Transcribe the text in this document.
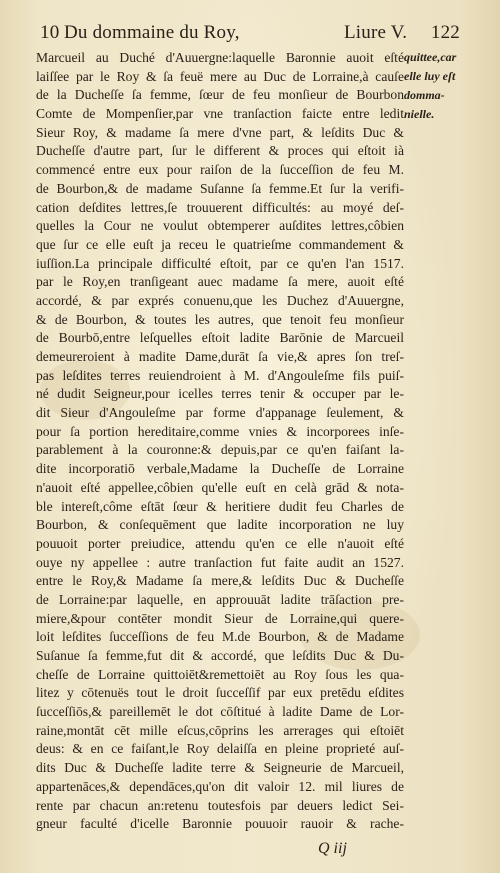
10 Du dommaine du Roy,	Liure V. 122
quittee,car
elle luy eſt
domma-
nielle.
Marcueil au Duché d'Auuergne:laquelle Baronnie auoit eſté
laiſſee par le Roy & ſa feuë mere au Duc de Lorraine,à cauſe
de la Ducheſſe ſa femme, ſœur de feu monſieur de Bourbon
Comte de Mompenſier,par vne tranſaction faicte entre ledit
Sieur Roy, & madame ſa mere d'vne part, & leſdits Duc &
Ducheſſe d'autre part, ſur le different & proces qui eſtoit ià
commencé entre eux pour raiſon de la ſucceſſion de feu M.
de Bourbon,& de madame Suſanne ſa femme.Et ſur la verifi-
cation deſdites lettres,ſe trouuerent difficultés: au moyé deſ-
quelles la Cour ne voulut obtemperer auſdites lettres,côbien
que ſur ce elle euſt ja receu le quatrieſme commandement &
iuſſion.La principale difficulté eſtoit, par ce qu'en l'an 1517.
par le Roy,en tranſigeant auec madame ſa mere, auoit eſté
accordé, & par exprés conuenu,que les Duchez d'Auuergne,
& de Bourbon, & toutes les autres, que tenoit feu monſieur
de Bourbō,entre leſquelles eſtoit ladite Barōnie de Marcueil
demeureroient à madite Dame,durāt ſa vie,& apres ſon treſ-
pas leſdites terres reuiendroient à M. d'Angouleſme fils puiſ-
né dudit Seigneur,pour icelles terres tenir & occuper par le-
dit Sieur d'Angouleſme par forme d'appanage ſeulement, &
pour ſa portion hereditaire,comme vnies & incorporees inſe-
parablement à la couronne:& depuis,par ce qu'en faiſant la-
dite incorporatiō verbale,Madame la Ducheſſe de Lorraine
n'auoit eſté appellee,côbien qu'elle euſt en celà grād & nota-
ble intereſt,côme eſtāt ſœur & heritiere dudit feu Charles de
Bourbon, & conſequēment que ladite incorporation ne luy
pouuoit porter preiudice, attendu qu'en ce elle n'auoit eſté
ouye ny appellee : autre tranſaction fut faite audit an 1527.
entre le Roy,& Madame ſa mere,& leſdits Duc & Ducheſſe
de Lorraine:par laquelle, en approuuāt ladite trāſaction pre-
miere,&pour contēter mondit Sieur de Lorraine,qui quere-
loit leſdites ſucceſſions de feu M.de Bourbon, & de Madame
Suſanue ſa femme,fut dit & accordé, que leſdits Duc & Du-
cheſſe de Lorraine quittoiēt&remettoiēt au Roy ſous les qua-
litez y cōtenuës tout le droit ſucceſſif par eux pretēdu eſdites
ſucceſſiōs,& pareillemēt le dot cōſtitué à ladite Dame de Lor-
raine,montāt cēt mille eſcus,cōprins les arrerages qui eſtoiēt
deus: & en ce faiſant,le Roy delaiſſa en pleine proprieté auſ-
dits Duc & Ducheſſe ladite terre & Seigneurie de Marcueil,
appartenāces,& dependāces,qu'on dit valoir 12. mil liures de
rente par chacun an:retenu toutesfois par deuers ledict Sei-
gneur faculté d'icelle Baronnie pouuoir rauoir & rache-
Q iij
